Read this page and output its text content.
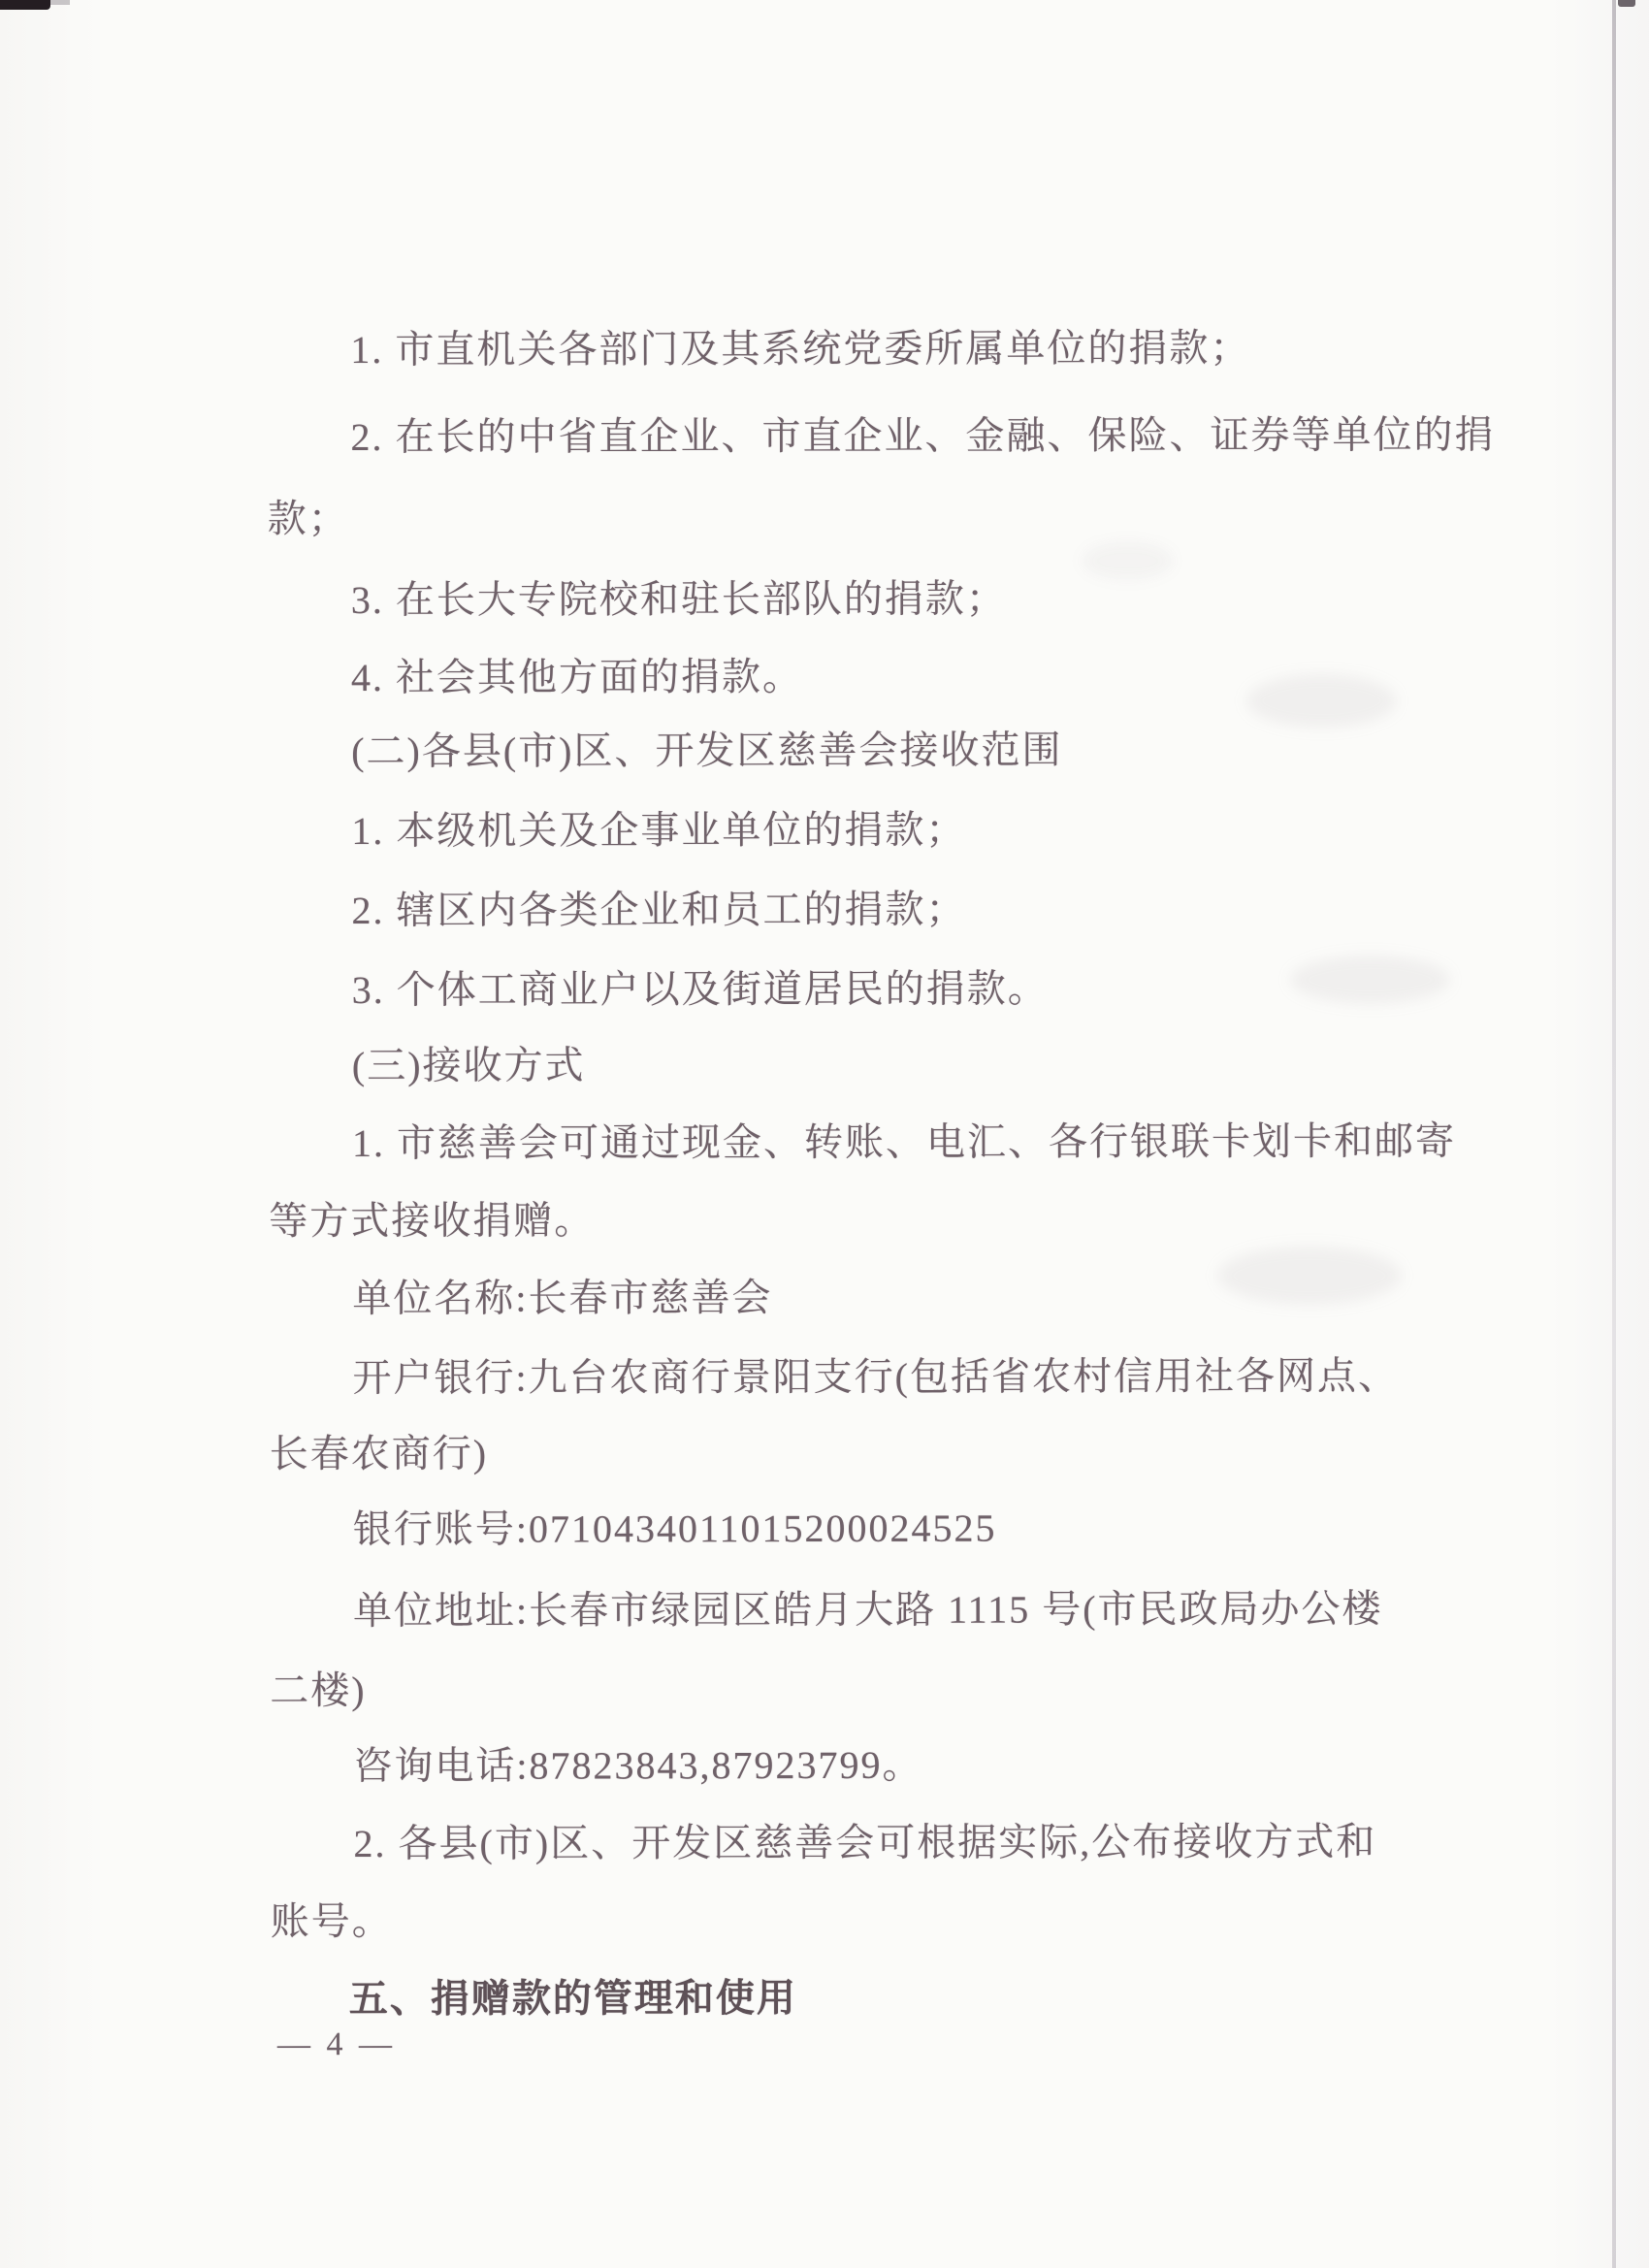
1. 市直机关各部门及其系统党委所属单位的捐款；
2. 在长的中省直企业、市直企业、金融、保险、证券等单位的捐
款；
3. 在长大专院校和驻长部队的捐款；
4. 社会其他方面的捐款。
(二)各县(市)区、开发区慈善会接收范围
1. 本级机关及企事业单位的捐款；
2. 辖区内各类企业和员工的捐款；
3. 个体工商业户以及街道居民的捐款。
(三)接收方式
1. 市慈善会可通过现金、转账、电汇、各行银联卡划卡和邮寄
等方式接收捐赠。
单位名称:长春市慈善会
开户银行:九台农商行景阳支行(包括省农村信用社各网点、
长春农商行)
银行账号:0710434011015200024525
单位地址:长春市绿园区皓月大路 1115 号(市民政局办公楼
二楼)
咨询电话:87823843,87923799。
2. 各县(市)区、开发区慈善会可根据实际,公布接收方式和
账号。
五、捐赠款的管理和使用
— 4 —
